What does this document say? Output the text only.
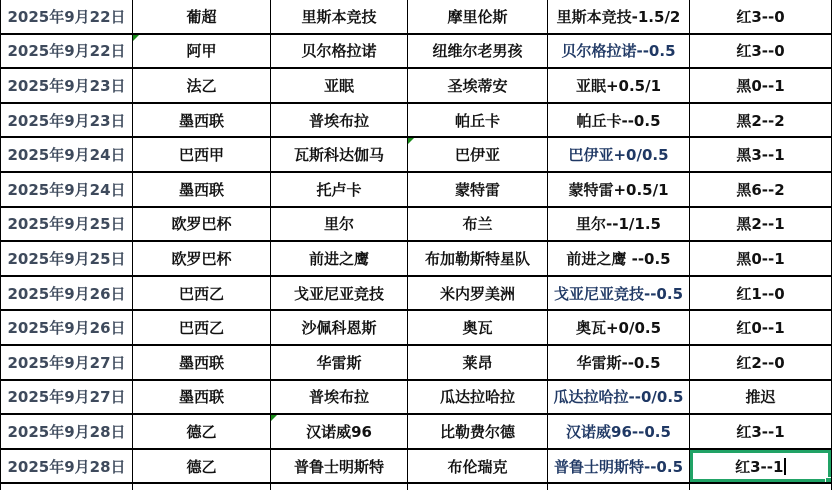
2025年9月22日	葡超	里斯本竞技	摩里伦斯	里斯本竞技-1.5/2	红3--0
2025年9月22日	阿甲	贝尔格拉诺	纽维尔老男孩	贝尔格拉诺--0.5	红3--0
2025年9月23日	法乙	亚眠	圣埃蒂安	亚眠+0.5/1	黑0--1
2025年9月23日	墨西联	普埃布拉	帕丘卡	帕丘卡--0.5	黑2--2
2025年9月24日	巴西甲	瓦斯科达伽马	巴伊亚	巴伊亚+0/0.5	黑3--1
2025年9月24日	墨西联	托卢卡	蒙特雷	蒙特雷+0.5/1	黑6--2
2025年9月25日	欧罗巴杯	里尔	布兰	里尔--1/1.5	黑2--1
2025年9月25日	欧罗巴杯	前进之鹰	布加勒斯特星队	前进之鹰 --0.5	黑0--1
2025年9月26日	巴西乙	戈亚尼亚竞技	米内罗美洲	戈亚尼亚竞技--0.5	红1--0
2025年9月26日	巴西乙	沙佩科恩斯	奥瓦	奥瓦+0/0.5	红0--1
2025年9月27日	墨西联	华雷斯	莱昂	华雷斯--0.5	红2--0
2025年9月27日	墨西联	普埃布拉	瓜达拉哈拉	瓜达拉哈拉--0/0.5	推迟
2025年9月28日	德乙	汉诺威96	比勒费尔德	汉诺威96--0.5	红3--1
2025年9月28日	德乙	普鲁士明斯特	布伦瑞克	普鲁士明斯特--0.5	红3--1
